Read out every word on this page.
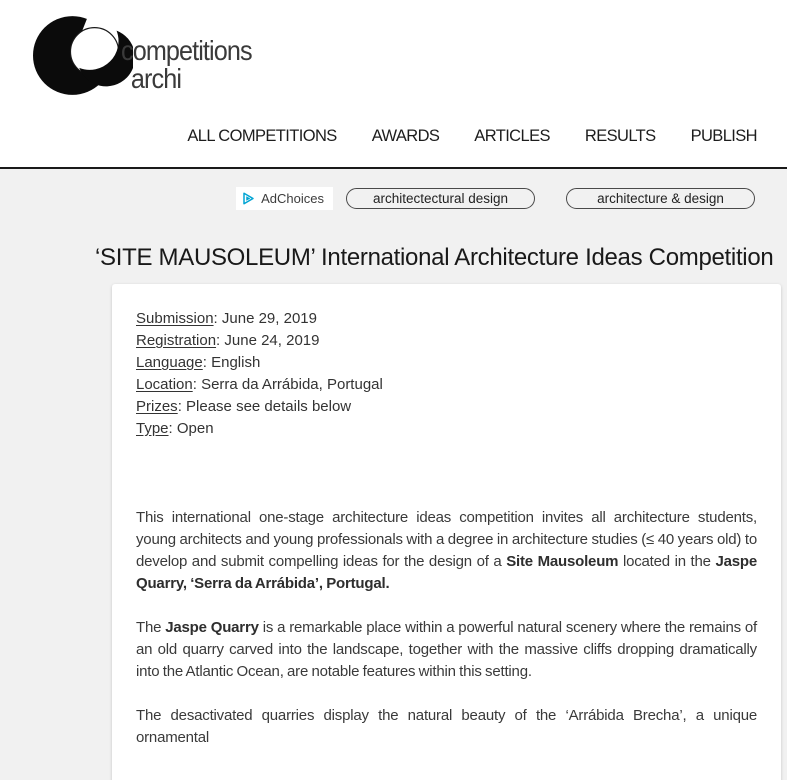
competitions
archi
ALL COMPETITIONS AWARDS ARTICLES RESULTS PUBLISH
AdChoices	architectectural design	architecture & design
‘SITE MAUSOLEUM’ International Architecture Ideas Competition
Submission: June 29, 2019
Registration: June 24, 2019
Language: English
Location: Serra da Arrábida, Portugal
Prizes: Please see details below
Type: Open

This international one-stage architecture ideas competition invites all architecture students, young architects and young professionals with a degree in architecture studies (≤ 40 years old) to develop and submit compelling ideas for the design of a Site Mausoleum located in the Jaspe Quarry, ‘Serra da Arrábida’, Portugal.

The Jaspe Quarry is a remarkable place within a powerful natural scenery where the remains of an old quarry carved into the landscape, together with the massive cliffs dropping dramatically into the Atlantic Ocean, are notable features within this setting.

The desactivated quarries display the natural beauty of the ‘Arrábida Brecha’, a unique ornamental
